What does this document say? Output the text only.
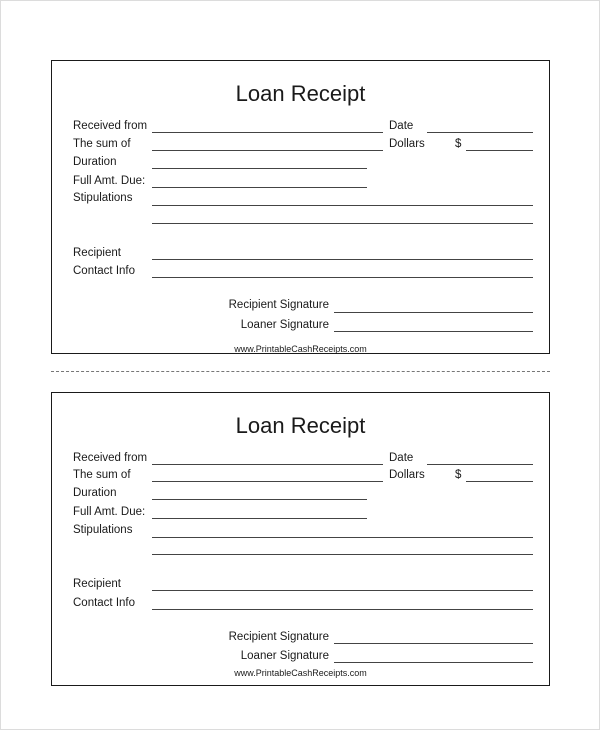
Loan Receipt
Received from	Date
The sum of	Dollars	$
Duration
Full Amt. Due:
Stipulations
Recipient
Contact Info
Recipient Signature
Loaner Signature
www.PrintableCashReceipts.com
Loan Receipt
Received from	Date
The sum of	Dollars	$
Duration
Full Amt. Due:
Stipulations
Recipient
Contact Info
Recipient Signature
Loaner Signature
www.PrintableCashReceipts.com
